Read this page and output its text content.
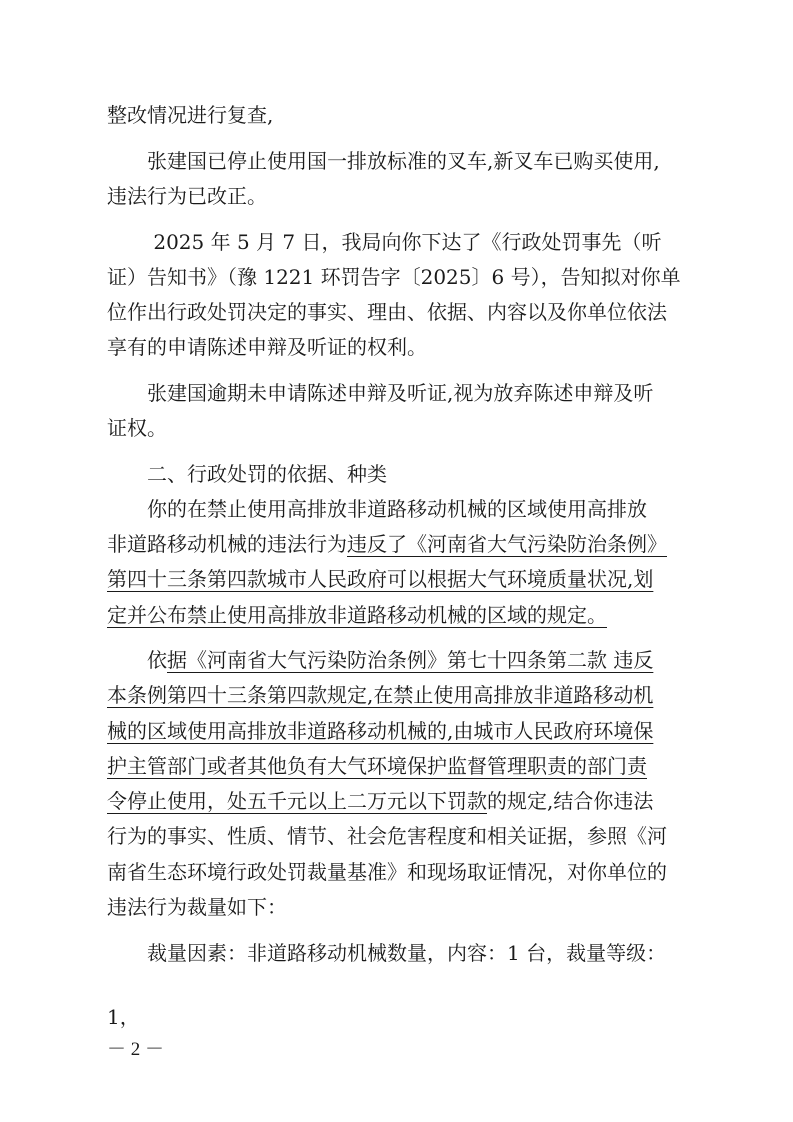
整改情况进行复查,
　　张建国已停止使用国一排放标准的叉车,新叉车已购买使用,
违法行为已改正。
　　 2025 年 5 月 7 日，我局向你下达了《行政处罚事先（听
证）告知书》（豫 1221 环罚告字〔2025〕6 号），告知拟对你单
位作出行政处罚决定的事实、理由、依据、内容以及你单位依法
享有的申请陈述申辩及听证的权利。
　　张建国逾期未申请陈述申辩及听证,视为放弃陈述申辩及听
证权。
　　二、行政处罚的依据、种类
　　你的在禁止使用高排放非道路移动机械的区域使用高排放
非道路移动机械的违法行为违反了《河南省大气污染防治条例》
第四十三条第四款城市人民政府可以根据大气环境质量状况,划
定并公布禁止使用高排放非道路移动机械的区域的规定。
　　依据《河南省大气污染防治条例》第七十四条第二款 违反
本条例第四十三条第四款规定,在禁止使用高排放非道路移动机
械的区域使用高排放非道路移动机械的,由城市人民政府环境保
护主管部门或者其他负有大气环境保护监督管理职责的部门责
令停止使用，处五千元以上二万元以下罚款的规定,结合你违法
行为的事实、性质、情节、社会危害程度和相关证据，参照《河
南省生态环境行政处罚裁量基准》和现场取证情况，对你单位的
违法行为裁量如下：
　　裁量因素：非道路移动机械数量，内容：1 台，裁量等级：
1，
－ 2 －
